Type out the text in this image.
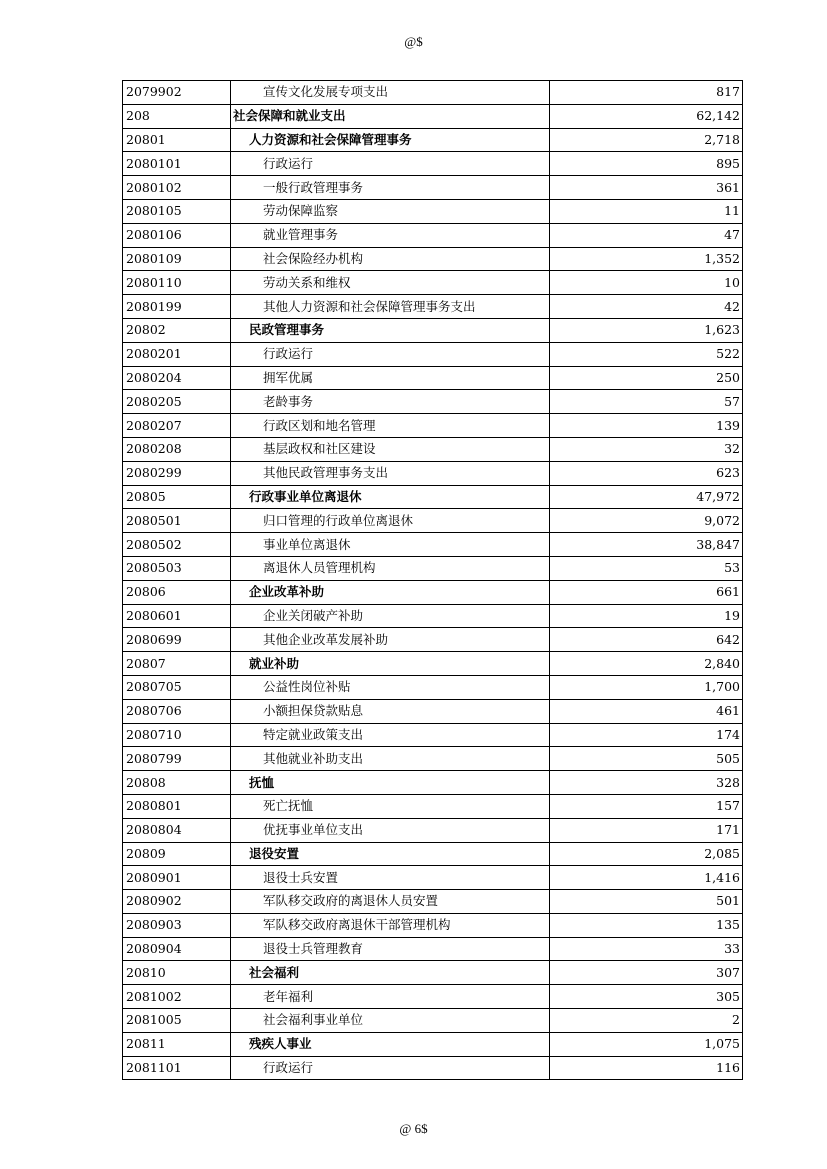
@$
2079902	宣传文化发展专项支出	817
208	社会保障和就业支出	62,142
20801	人力资源和社会保障管理事务	2,718
2080101	行政运行	895
2080102	一般行政管理事务	361
2080105	劳动保障监察	11
2080106	就业管理事务	47
2080109	社会保险经办机构	1,352
2080110	劳动关系和维权	10
2080199	其他人力资源和社会保障管理事务支出	42
20802	民政管理事务	1,623
2080201	行政运行	522
2080204	拥军优属	250
2080205	老龄事务	57
2080207	行政区划和地名管理	139
2080208	基层政权和社区建设	32
2080299	其他民政管理事务支出	623
20805	行政事业单位离退休	47,972
2080501	归口管理的行政单位离退休	9,072
2080502	事业单位离退休	38,847
2080503	离退休人员管理机构	53
20806	企业改革补助	661
2080601	企业关闭破产补助	19
2080699	其他企业改革发展补助	642
20807	就业补助	2,840
2080705	公益性岗位补贴	1,700
2080706	小额担保贷款贴息	461
2080710	特定就业政策支出	174
2080799	其他就业补助支出	505
20808	抚恤	328
2080801	死亡抚恤	157
2080804	优抚事业单位支出	171
20809	退役安置	2,085
2080901	退役士兵安置	1,416
2080902	军队移交政府的离退休人员安置	501
2080903	军队移交政府离退休干部管理机构	135
2080904	退役士兵管理教育	33
20810	社会福利	307
2081002	老年福利	305
2081005	社会福利事业单位	2
20811	残疾人事业	1,075
2081101	行政运行	116
@ 6$
